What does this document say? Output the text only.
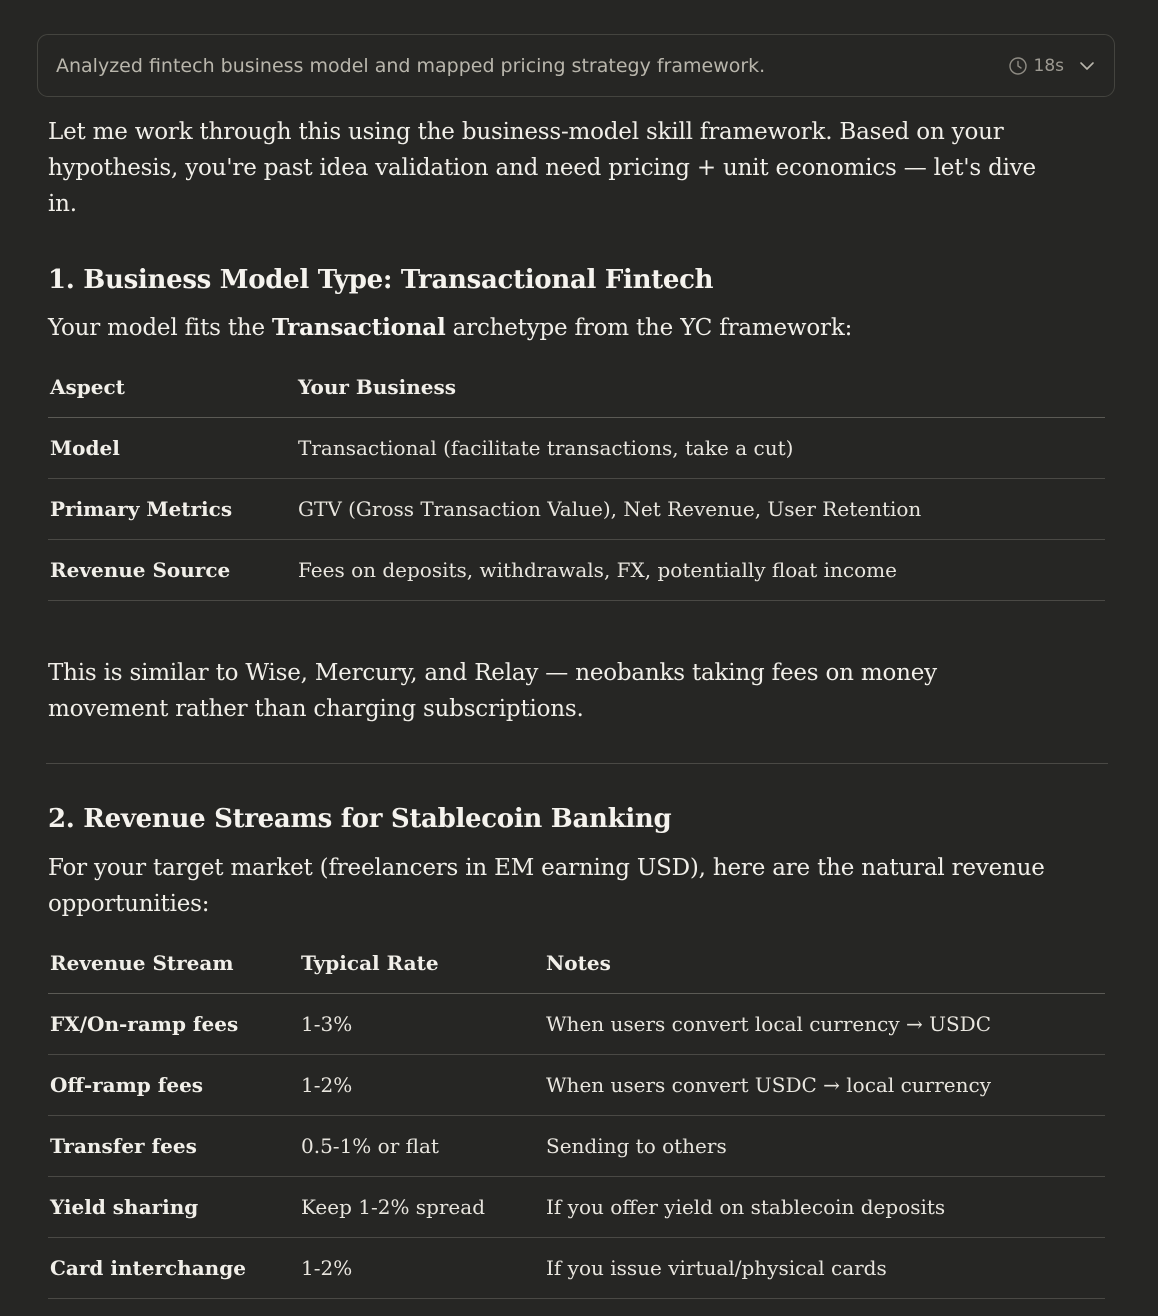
Analyzed fintech business model and mapped pricing strategy framework.	18s

Let me work through this using the business-model skill framework. Based on your hypothesis, you're past idea validation and need pricing + unit economics — let's dive in.

1. Business Model Type: Transactional Fintech

Your model fits the Transactional archetype from the YC framework:

Aspect	Your Business
Model	Transactional (facilitate transactions, take a cut)
Primary Metrics	GTV (Gross Transaction Value), Net Revenue, User Retention
Revenue Source	Fees on deposits, withdrawals, FX, potentially float income

This is similar to Wise, Mercury, and Relay — neobanks taking fees on money movement rather than charging subscriptions.

2. Revenue Streams for Stablecoin Banking

For your target market (freelancers in EM earning USD), here are the natural revenue opportunities:

Revenue Stream	Typical Rate	Notes
FX/On-ramp fees	1-3%	When users convert local currency → USDC
Off-ramp fees	1-2%	When users convert USDC → local currency
Transfer fees	0.5-1% or flat	Sending to others
Yield sharing	Keep 1-2% spread	If you offer yield on stablecoin deposits
Card interchange	1-2%	If you issue virtual/physical cards
